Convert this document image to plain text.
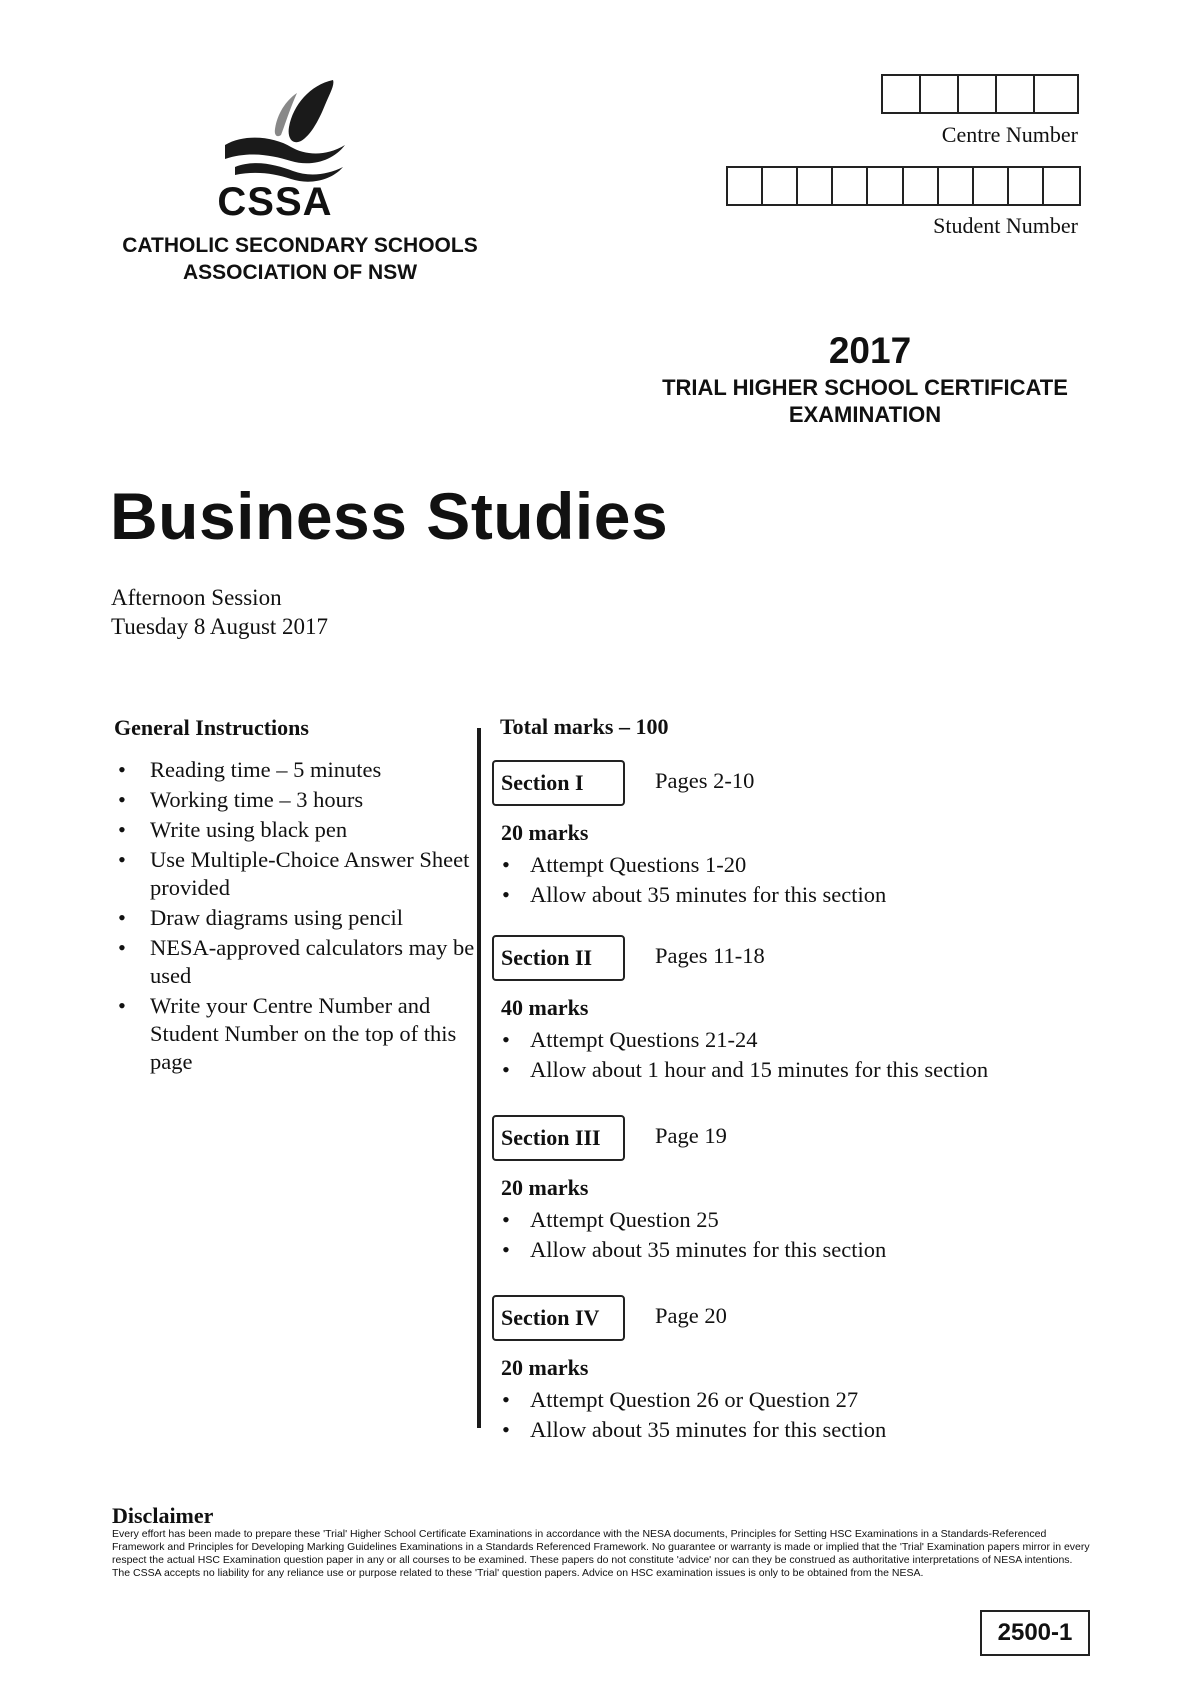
CSSA
CATHOLIC SECONDARY SCHOOLS
ASSOCIATION OF NSW
Centre Number
Student Number
2017
TRIAL HIGHER SCHOOL CERTIFICATE
EXAMINATION
Business Studies
Afternoon Session
Tuesday 8 August 2017
General Instructions
• Reading time – 5 minutes
• Working time – 3 hours
• Write using black pen
• Use Multiple-Choice Answer Sheet provided
• Draw diagrams using pencil
• NESA-approved calculators may be used
• Write your Centre Number and Student Number on the top of this page
Total marks – 100
Section I	Pages 2-10
20 marks
• Attempt Questions 1-20
• Allow about 35 minutes for this section
Section II	Pages 11-18
40 marks
• Attempt Questions 21-24
• Allow about 1 hour and 15 minutes for this section
Section III Page 19
20 marks
• Attempt Question 25
• Allow about 35 minutes for this section
Section IV Page 20
20 marks
• Attempt Question 26 or Question 27
• Allow about 35 minutes for this section
Disclaimer
Every effort has been made to prepare these 'Trial' Higher School Certificate Examinations in accordance with the NESA documents, Principles for Setting HSC Examinations in a Standards-Referenced Framework and Principles for Developing Marking Guidelines Examinations in a Standards Referenced Framework. No guarantee or warranty is made or implied that the 'Trial' Examination papers mirror in every respect the actual HSC Examination question paper in any or all courses to be examined. These papers do not constitute 'advice' nor can they be construed as authoritative interpretations of NESA intentions. The CSSA accepts no liability for any reliance use or purpose related to these 'Trial' question papers. Advice on HSC examination issues is only to be obtained from the NESA.
2500-1
